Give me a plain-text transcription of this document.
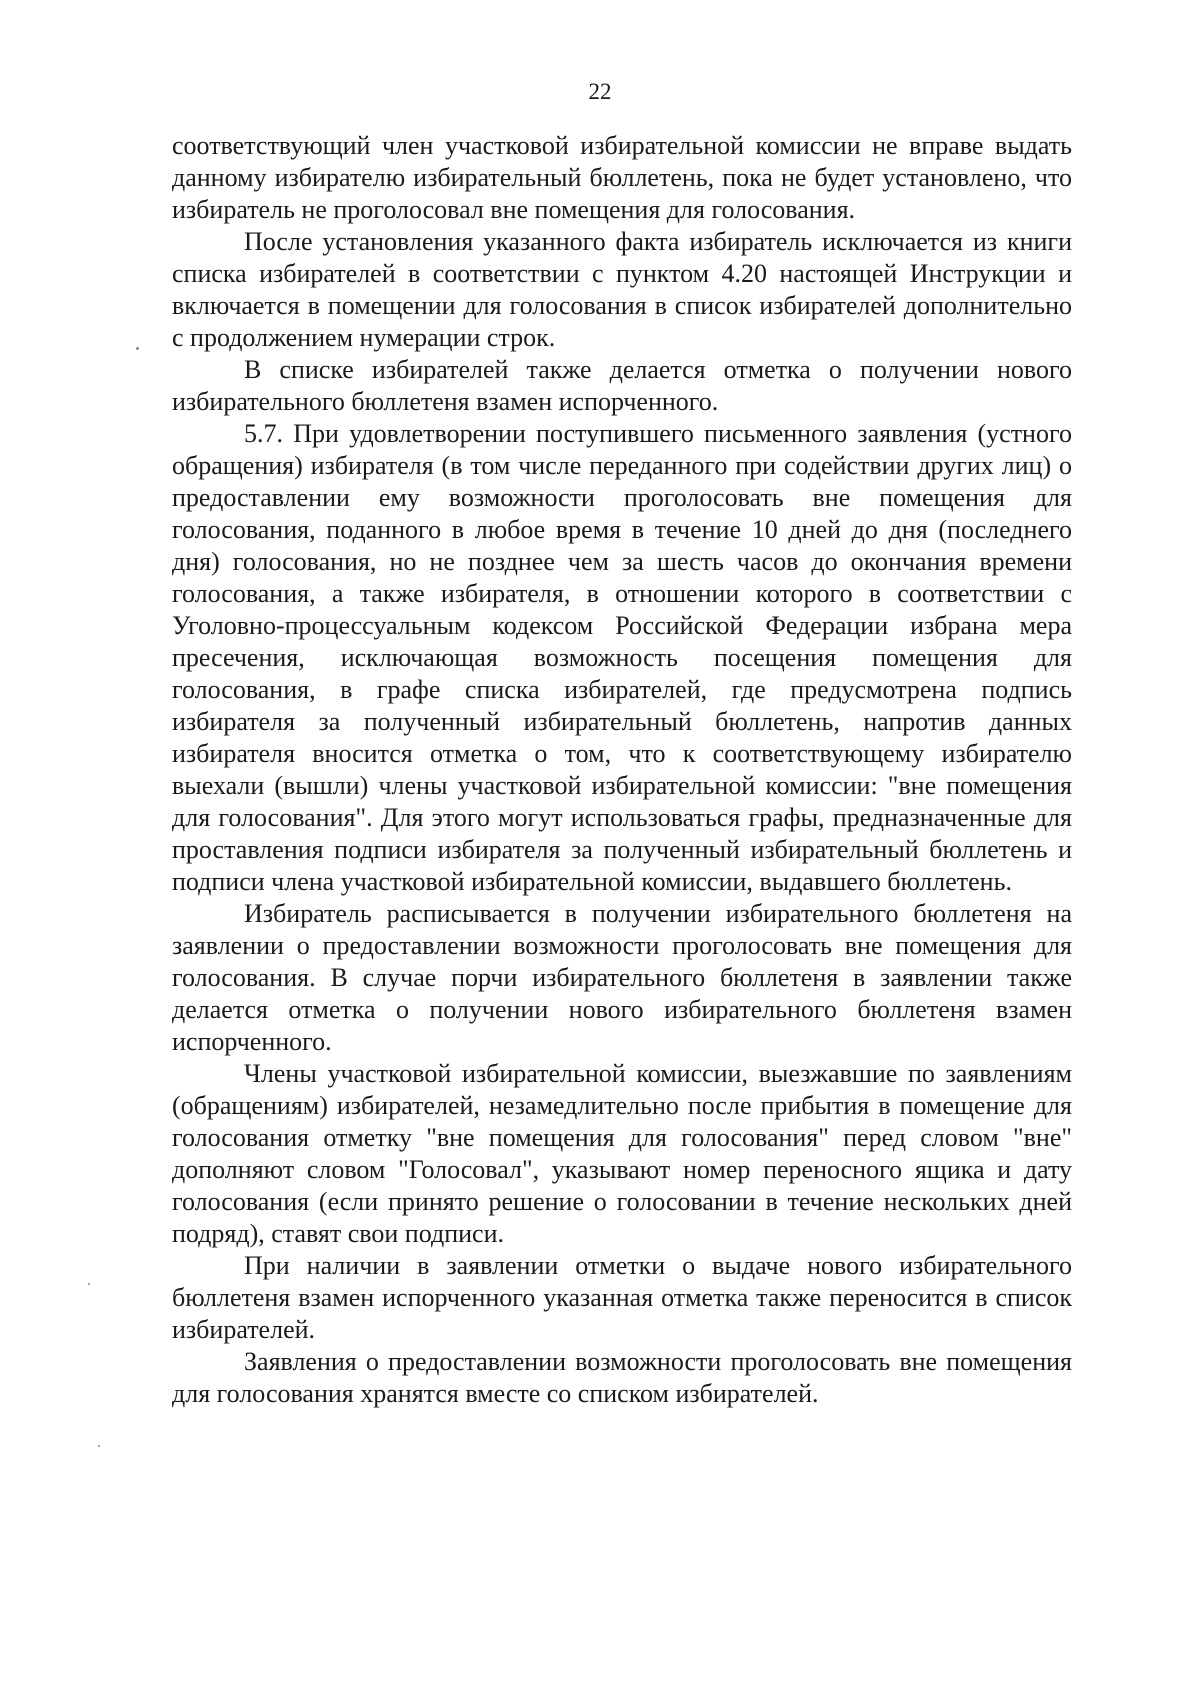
22

соответствующий член участковой избирательной комиссии не вправе выдать данному избирателю избирательный бюллетень, пока не будет установлено, что избиратель не проголосовал вне помещения для голосования.

После установления указанного факта избиратель исключается из книги списка избирателей в соответствии с пунктом 4.20 настоящей Инструкции и включается в помещении для голосования в список избирателей дополнительно с продолжением нумерации строк.

В списке избирателей также делается отметка о получении нового избирательного бюллетеня взамен испорченного.

5.7. При удовлетворении поступившего письменного заявления (устного обращения) избирателя (в том числе переданного при содействии других лиц) о предоставлении ему возможности проголосовать вне помещения для голосования, поданного в любое время в течение 10 дней до дня (последнего дня) голосования, но не позднее чем за шесть часов до окончания времени голосования, а также избирателя, в отношении которого в соответствии с Уголовно-процессуальным кодексом Российской Федерации избрана мера пресечения, исключающая возможность посещения помещения для голосования, в графе списка избирателей, где предусмотрена подпись избирателя за полученный избирательный бюллетень, напротив данных избирателя вносится отметка о том, что к соответствующему избирателю выехали (вышли) члены участковой избирательной комиссии: "вне помещения для голосования". Для этого могут использоваться графы, предназначенные для проставления подписи избирателя за полученный избирательный бюллетень и подписи члена участковой избирательной комиссии, выдавшего бюллетень.

Избиратель расписывается в получении избирательного бюллетеня на заявлении о предоставлении возможности проголосовать вне помещения для голосования. В случае порчи избирательного бюллетеня в заявлении также делается отметка о получении нового избирательного бюллетеня взамен испорченного.

Члены участковой избирательной комиссии, выезжавшие по заявлениям (обращениям) избирателей, незамедлительно после прибытия в помещение для голосования отметку "вне помещения для голосования" перед словом "вне" дополняют словом "Голосовал", указывают номер переносного ящика и дату голосования (если принято решение о голосовании в течение нескольких дней подряд), ставят свои подписи.

При наличии в заявлении отметки о выдаче нового избирательного бюллетеня взамен испорченного указанная отметка также переносится в список избирателей.

Заявления о предоставлении возможности проголосовать вне помещения для голосования хранятся вместе со списком избирателей.
